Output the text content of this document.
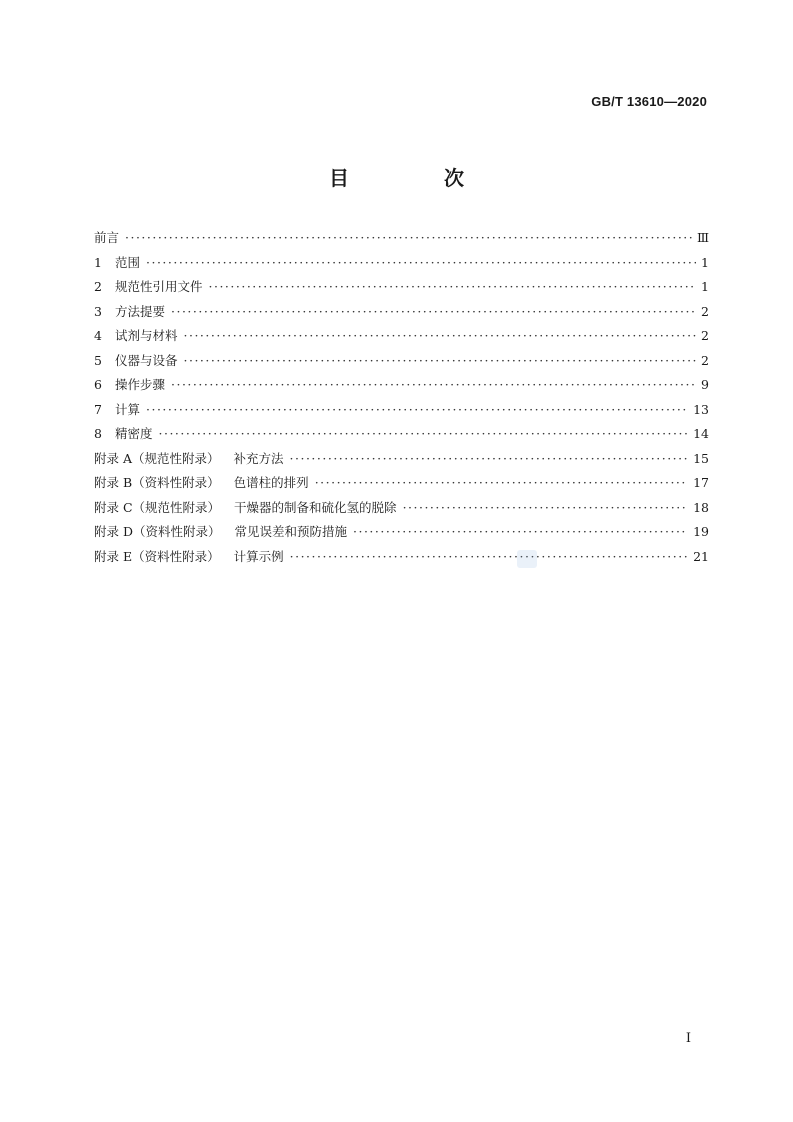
GB/T 13610—2020
目 次
前言 ·····	Ⅲ
1	范围 ·····	1
2	规范性引用文件 ·····	1
3	方法提要 ·····	2
4	试剂与材料 ·····	2
5	仪器与设备 ·····	2
6	操作步骤 ·····	9
7	计算 ·····	13
8	精密度 ·····	14
附录 A（规范性附录） 补充方法 ·····	15
附录 B（资料性附录） 色谱柱的排列 ·····	17
附录 C（规范性附录） 干燥器的制备和硫化氢的脱除 ·····	18
附录 D（资料性附录） 常见误差和预防措施 ·····	19
附录 E（资料性附录） 计算示例 ·····	21
I
